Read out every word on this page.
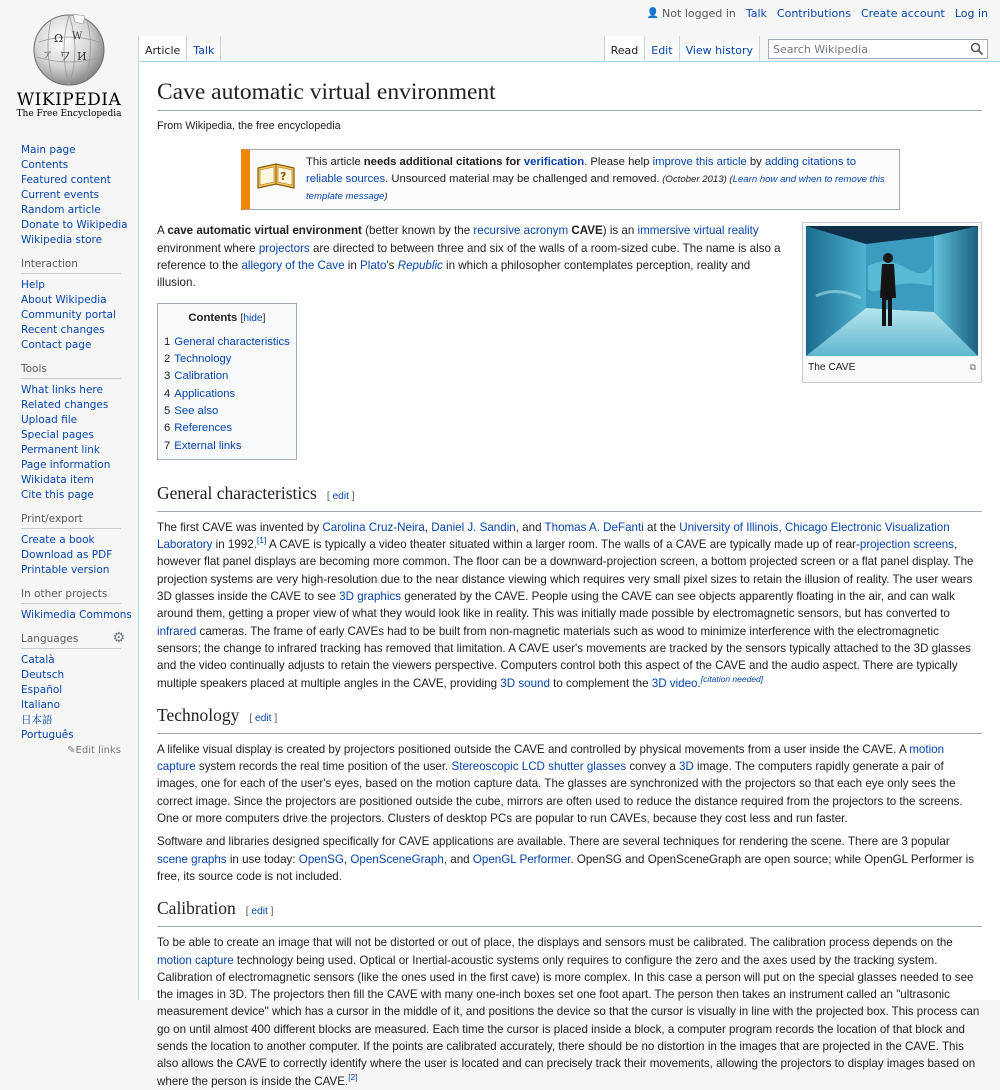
👤 Not logged in Talk Contributions Create account Log in
Ω W
ワ И
ア
WIKIPEDIA
The Free Encyclopedia
Main page
Contents
Featured content
Current events
Random article
Donate to Wikipedia
Wikipedia store
Interaction
Help
About Wikipedia
Community portal
Recent changes
Contact page
Tools
What links here
Related changes
Upload file
Special pages
Permanent link
Page information
Wikidata item
Cite this page
Print/export
Create a book
Download as PDF
Printable version
In other projects
Wikimedia Commons
Languages ⚙
Català
Deutsch
Español
Italiano
日本語
Português
✎Edit links
Article	Talk	Read	Edit	View history
Search Wikipedia
Cave automatic virtual environment
From Wikipedia, the free encyclopedia
?
This article needs additional citations for verification. Please help improve this article by adding citations to reliable sources. Unsourced material may be challenged and removed. (October 2013) (Learn how and when to remove this template message)
The CAVE	⧉

A cave automatic virtual environment (better known by the recursive acronym CAVE) is an immersive virtual reality environment where projectors are directed to between three and six of the walls of a room-sized cube. The name is also a reference to the allegory of the Cave in Plato's Republic in which a philosopher contemplates perception, reality and illusion.

Contents [hide]
1 General characteristics
2 Technology
3 Calibration
4 Applications
5 See also
6 References
7 External links
General characteristics [ edit ]

The first CAVE was invented by Carolina Cruz-Neira, Daniel J. Sandin, and Thomas A. DeFanti at the University of Illinois, Chicago Electronic Visualization Laboratory in 1992.[1] A CAVE is typically a video theater situated within a larger room. The walls of a CAVE are typically made up of rear-projection screens, however flat panel displays are becoming more common. The floor can be a downward-projection screen, a bottom projected screen or a flat panel display. The projection systems are very high-resolution due to the near distance viewing which requires very small pixel sizes to retain the illusion of reality. The user wears 3D glasses inside the CAVE to see 3D graphics generated by the CAVE. People using the CAVE can see objects apparently floating in the air, and can walk around them, getting a proper view of what they would look like in reality. This was initially made possible by electromagnetic sensors, but has converted to infrared cameras. The frame of early CAVEs had to be built from non-magnetic materials such as wood to minimize interference with the electromagnetic sensors; the change to infrared tracking has removed that limitation. A CAVE user's movements are tracked by the sensors typically attached to the 3D glasses and the video continually adjusts to retain the viewers perspective. Computers control both this aspect of the CAVE and the audio aspect. There are typically multiple speakers placed at multiple angles in the CAVE, providing 3D sound to complement the 3D video.[citation needed]

Technology [ edit ]

A lifelike visual display is created by projectors positioned outside the CAVE and controlled by physical movements from a user inside the CAVE. A motion capture system records the real time position of the user. Stereoscopic LCD shutter glasses convey a 3D image. The computers rapidly generate a pair of images, one for each of the user's eyes, based on the motion capture data. The glasses are synchronized with the projectors so that each eye only sees the correct image. Since the projectors are positioned outside the cube, mirrors are often used to reduce the distance required from the projectors to the screens. One or more computers drive the projectors. Clusters of desktop PCs are popular to run CAVEs, because they cost less and run faster.

Software and libraries designed specifically for CAVE applications are available. There are several techniques for rendering the scene. There are 3 popular scene graphs in use today: OpenSG, OpenSceneGraph, and OpenGL Performer. OpenSG and OpenSceneGraph are open source; while OpenGL Performer is free, its source code is not included.

Calibration [ edit ]

To be able to create an image that will not be distorted or out of place, the displays and sensors must be calibrated. The calibration process depends on the motion capture technology being used. Optical or Inertial-acoustic systems only requires to configure the zero and the axes used by the tracking system. Calibration of electromagnetic sensors (like the ones used in the first cave) is more complex. In this case a person will put on the special glasses needed to see the images in 3D. The projectors then fill the CAVE with many one-inch boxes set one foot apart. The person then takes an instrument called an "ultrasonic measurement device" which has a cursor in the middle of it, and positions the device so that the cursor is visually in line with the projected box. This process can go on until almost 400 different blocks are measured. Each time the cursor is placed inside a block, a computer program records the location of that block and sends the location to another computer. If the points are calibrated accurately, there should be no distortion in the images that are projected in the CAVE. This also allows the CAVE to correctly identify where the user is located and can precisely track their movements, allowing the projectors to display images based on where the person is inside the CAVE.[2]
